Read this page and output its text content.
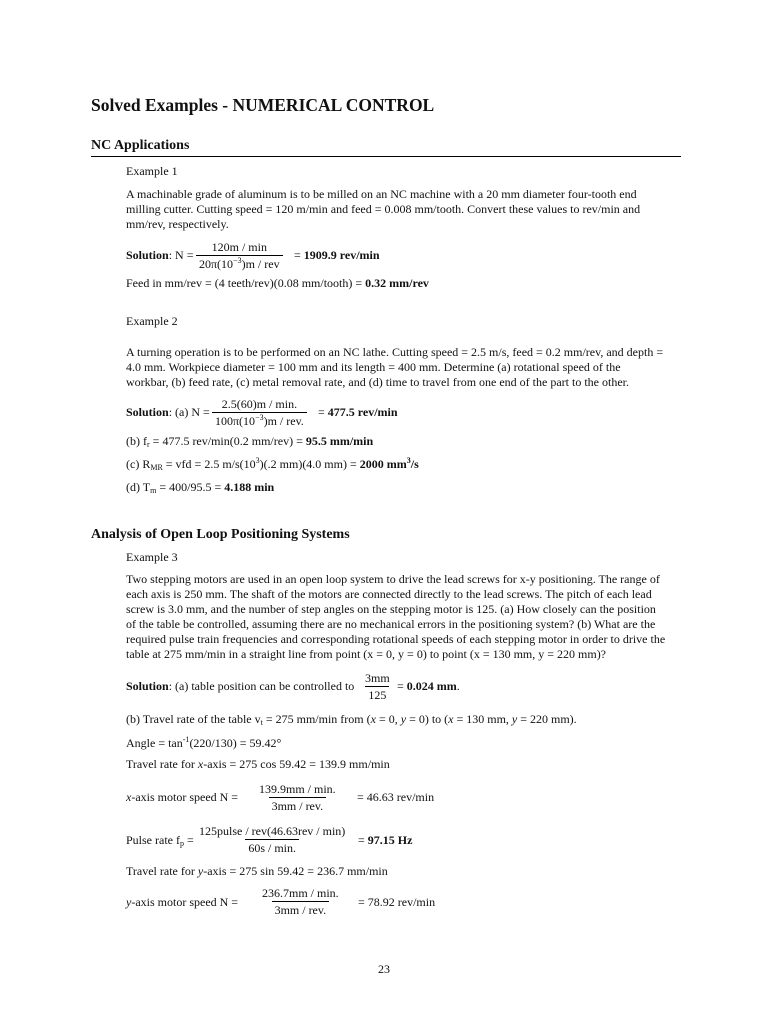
Solved Examples - NUMERICAL CONTROL
NC Applications
Example 1
A machinable grade of aluminum is to be milled on an NC machine with a 20 mm diameter four-tooth end
milling cutter. Cutting speed = 120 m/min and feed = 0.008 mm/tooth. Convert these values to rev/min and
mm/rev, respectively.
Solution: N =
120m / min
$20\pi(10^{-3})m$ / rev
= 1909.9 rev/min
Feed in mm/rev = (4 teeth/rev)(0.08 mm/tooth) = 0.32 mm/rev
Example 2
A turning operation is to be performed on an NC lathe. Cutting speed = 2.5 m/s, feed = 0.2 mm/rev, and depth =
4.0 mm. Workpiece diameter = 100 mm and its length = 400 mm. Determine (a) rotational speed of the
workbar, (b) feed rate, (c) metal removal rate, and (d) time to travel from one end of the part to the other.
Solution: (a) N =
2.5(60)m / min.
$100\pi(10^{-3})m$ / rev.
= 477.5 rev/min
(b) $f_r = 477.5$ rev/min(0.2 mm/rev) = 95.5 mm/min
(c) $R_{MR}$ = vfd = 2.5 $m/s(10^3)(.2$ mm)(4.0 mm) = 2000 $mm^3/s$
(d) $T_m = 400/95.5 = 4.188$ min
Analysis of Open Loop Positioning Systems
Example 3
Two stepping motors are used in an open loop system to drive the lead screws for x-y positioning. The range of
each axis is 250 mm. The shaft of the motors are connected directly to the lead screws. The pitch of each lead
screw is 3.0 mm, and the number of step angles on the stepping motor is 125. (a) How closely can the position
of the table be controlled, assuming there are no mechanical errors in the positioning system? (b) What are the
required pulse train frequencies and corresponding rotational speeds of each stepping motor in order to drive the
table at 275 mm/min in a straight line from point (x = 0, y = 0) to point (x = 130 mm, y = 220 mm)?
Solution: (a) table position can be controlled to $\frac{3mm}{125} = 0.024$ mm.
(b) Travel rate of the table $v_t = 275$ mm/min from (x = 0, y = 0) to (x = 130 mm, y = 220 mm).
Angle = $\tan^{-1}(220/130) = 59.42^\circ$
Travel rate for x-axis = 275 cos 59.42 = 139.9 mm/min
x-axis motor speed N =
139.9mm / min.
3mm / rev.
= 46.63 rev/min
Pulse rate $f_p$ =
125pulse / rev(46.63rev / min)
60s / min.
= 97.15 Hz
Travel rate for y-axis = 275 sin 59.42 = 236.7 mm/min
y-axis motor speed N =
236.7mm / min.
3mm / rev.
= 78.92 rev/min
23
